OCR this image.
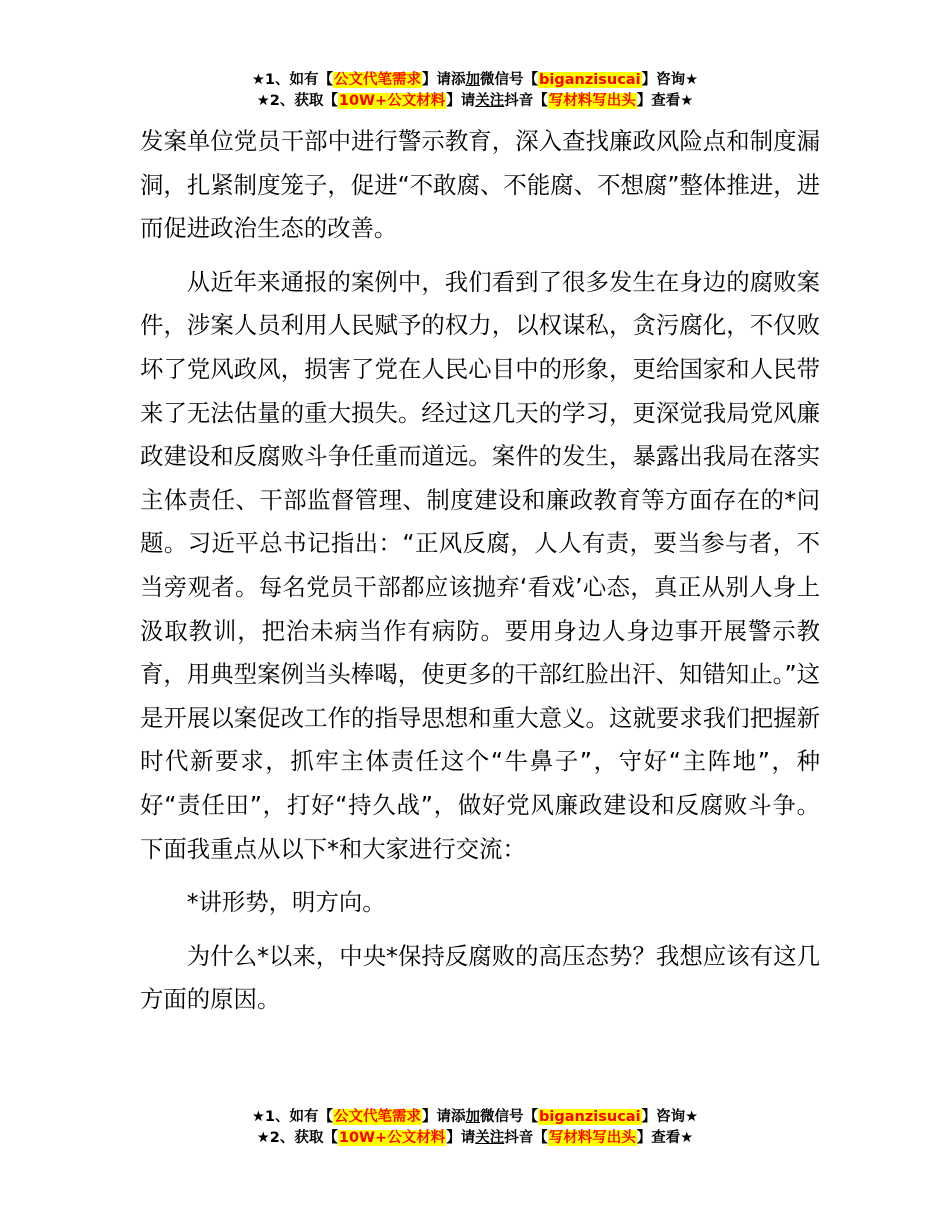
★1、如有【公文代笔需求】请添加微信号【biganzisucai】咨询★
★2、获取【10W+公文材料】请关注抖音【写材料写出头】查看★

发案单位党员干部中进行警示教育，深入查找廉政风险点和制度漏洞，扎紧制度笼子，促进“不敢腐、不能腐、不想腐”整体推进，进而促进政治生态的改善。

从近年来通报的案例中，我们看到了很多发生在身边的腐败案件，涉案人员利用人民赋予的权力，以权谋私，贪污腐化，不仅败坏了党风政风，损害了党在人民心目中的形象，更给国家和人民带来了无法估量的重大损失。经过这几天的学习，更深觉我局党风廉政建设和反腐败斗争任重而道远。案件的发生，暴露出我局在落实主体责任、干部监督管理、制度建设和廉政教育等方面存在的*问题。习近平总书记指出：“正风反腐，人人有责，要当参与者，不当旁观者。每名党员干部都应该抛弃‘看戏’心态，真正从别人身上汲取教训，把治未病当作有病防。要用身边人身边事开展警示教育，用典型案例当头棒喝，使更多的干部红脸出汗、知错知止。”这是开展以案促改工作的指导思想和重大意义。这就要求我们把握新时代新要求，抓牢主体责任这个“牛鼻子”，守好“主阵地”，种好“责任田”，打好“持久战”，做好党风廉政建设和反腐败斗争。下面我重点从以下*和大家进行交流：

*讲形势，明方向。

为什么*以来，中央*保持反腐败的高压态势？我想应该有这几方面的原因。

★1、如有【公文代笔需求】请添加微信号【biganzisucai】咨询★
★2、获取【10W+公文材料】请关注抖音【写材料写出头】查看★
